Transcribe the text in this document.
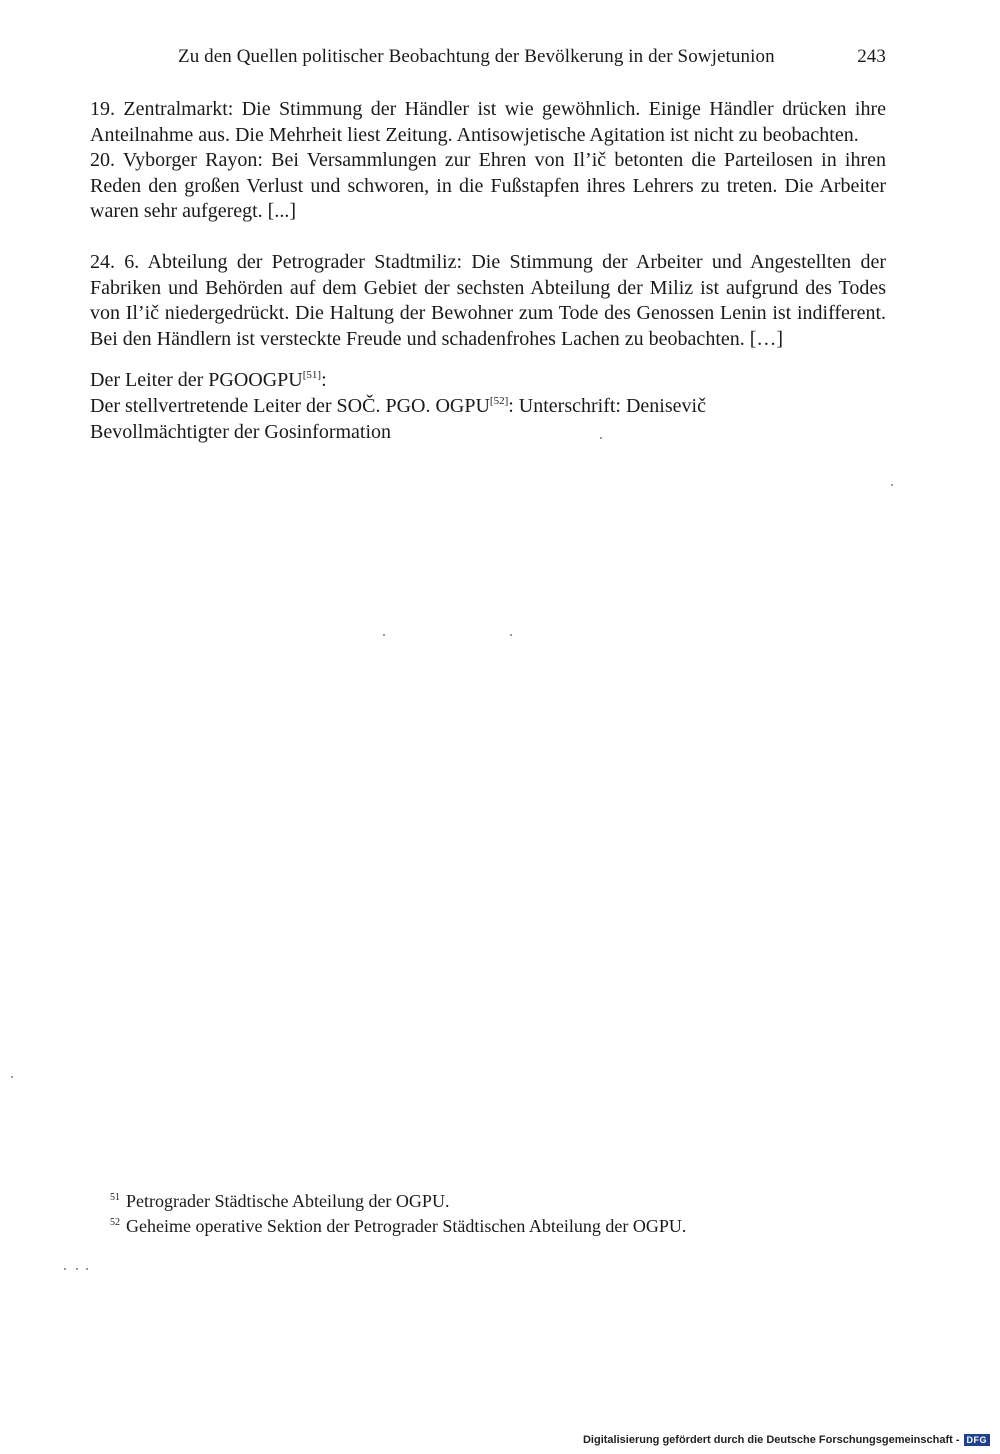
Zu den Quellen politischer Beobachtung der Bevölkerung in der Sowjetunion	243

19. Zentralmarkt: Die Stimmung der Händler ist wie gewöhnlich. Einige Händler drücken ihre Anteilnahme aus. Die Mehrheit liest Zeitung. Antisowjetische Agitation ist nicht zu beobachten.

20. Vyborger Rayon: Bei Versammlungen zur Ehren von Il’ič betonten die Parteilosen in ihren Reden den großen Verlust und schworen, in die Fußstapfen ihres Lehrers zu treten. Die Arbeiter waren sehr aufgeregt. [...]

24. 6. Abteilung der Petrograder Stadtmiliz: Die Stimmung der Arbeiter und Angestellten der Fabriken und Behörden auf dem Gebiet der sechsten Abteilung der Miliz ist aufgrund des Todes von Il’ič niedergedrückt. Die Haltung der Bewohner zum Tode des Genossen Lenin ist indifferent. Bei den Händlern ist versteckte Freude und schadenfrohes Lachen zu beobachten. […]

Der Leiter der PGOOGPU[51]:

Der stellvertretende Leiter der SOČ. PGO. OGPU[52]: Unterschrift: Denisevič

Bevollmächtigter der Gosinformation

$^{51}$ Petrograder Städtische Abteilung der OGPU.

$^{52}$ Geheime operative Sektion der Petrograder Städtischen Abteilung der OGPU.

Digitalisierung gefördert durch die Deutsche Forschungsgemeinschaft - DFG
